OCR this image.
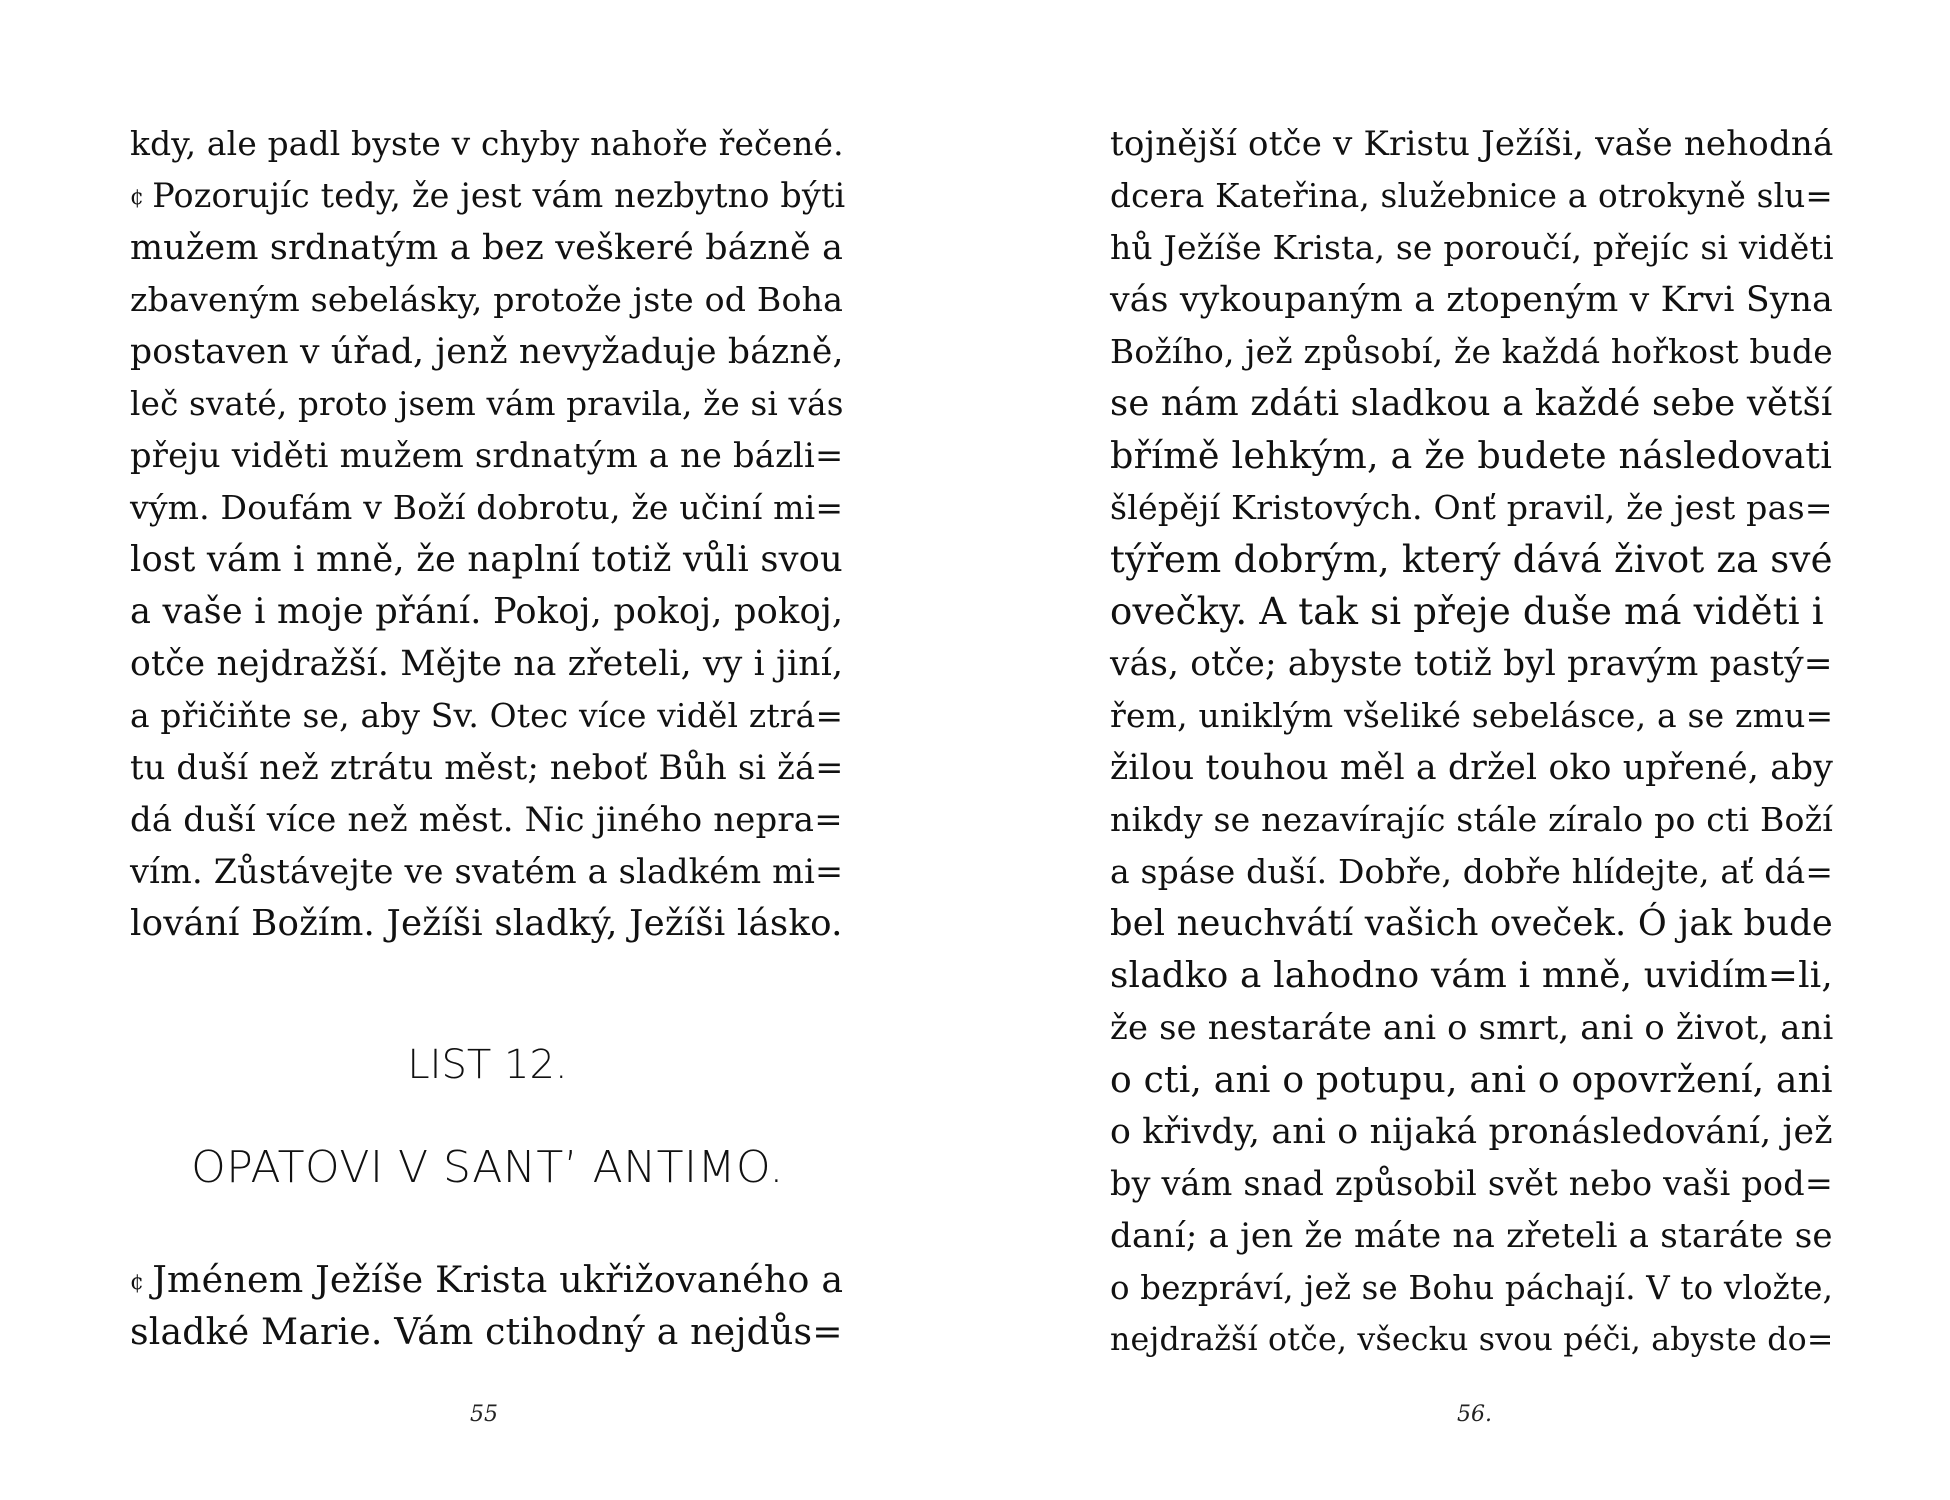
kdy, ale padl byste v chyby nahoře řečené.
¢ Pozorujíc tedy, že jest vám nezbytno býti
mužem srdnatým a bez veškeré bázně a
zbaveným sebelásky, protože jste od Boha
postaven v úřad, jenž nevyžaduje bázně,
leč svaté, proto jsem vám pravila, že si vás
přeju viděti mužem srdnatým a ne bázli=
vým. Doufám v Boží dobrotu, že učiní mi=
lost vám i mně, že naplní totiž vůli svou
a vaše i moje přání. Pokoj, pokoj, pokoj,
otče nejdražší. Mějte na zřeteli, vy i jiní,
a přičiňte se, aby Sv. Otec více viděl ztrá=
tu duší než ztrátu měst; neboť Bůh si žá=
dá duší více než měst. Nic jiného nepra=
vím. Zůstávejte ve svatém a sladkém mi=
lování Božím. Ježíši sladký, Ježíši lásko.
LIST 12.
OPATOVI V SANT’ ANTIMO.
¢ Jménem Ježíše Krista ukřižovaného a
sladké Marie. Vám ctihodný a nejdůs=
55
tojnější otče v Kristu Ježíši, vaše nehodná
dcera Kateřina, služebnice a otrokyně slu=
hů Ježíše Krista, se poroučí, přejíc si viděti
vás vykoupaným a ztopeným v Krvi Syna
Božího, jež způsobí, že každá hořkost bude
se nám zdáti sladkou a každé sebe větší
břímě lehkým, a že budete následovati
šlépějí Kristových. Onť pravil, že jest pas=
týřem dobrým, který dává život za své
ovečky. A tak si přeje duše má viděti i
vás, otče; abyste totiž byl pravým pastý=
řem, uniklým všeliké sebelásce, a se zmu=
žilou touhou měl a držel oko upřené, aby
nikdy se nezavírajíc stále zíralo po cti Boží
a spáse duší. Dobře, dobře hlídejte, ať dá=
bel neuchvátí vašich oveček. Ó jak bude
sladko a lahodno vám i mně, uvidím=li,
že se nestaráte ani o smrt, ani o život, ani
o cti, ani o potupu, ani o opovržení, ani
o křivdy, ani o nijaká pronásledování, jež
by vám snad způsobil svět nebo vaši pod=
daní; a jen že máte na zřeteli a staráte se
o bezpráví, jež se Bohu páchají. V to vložte,
nejdražší otče, všecku svou péči, abyste do=
56.
